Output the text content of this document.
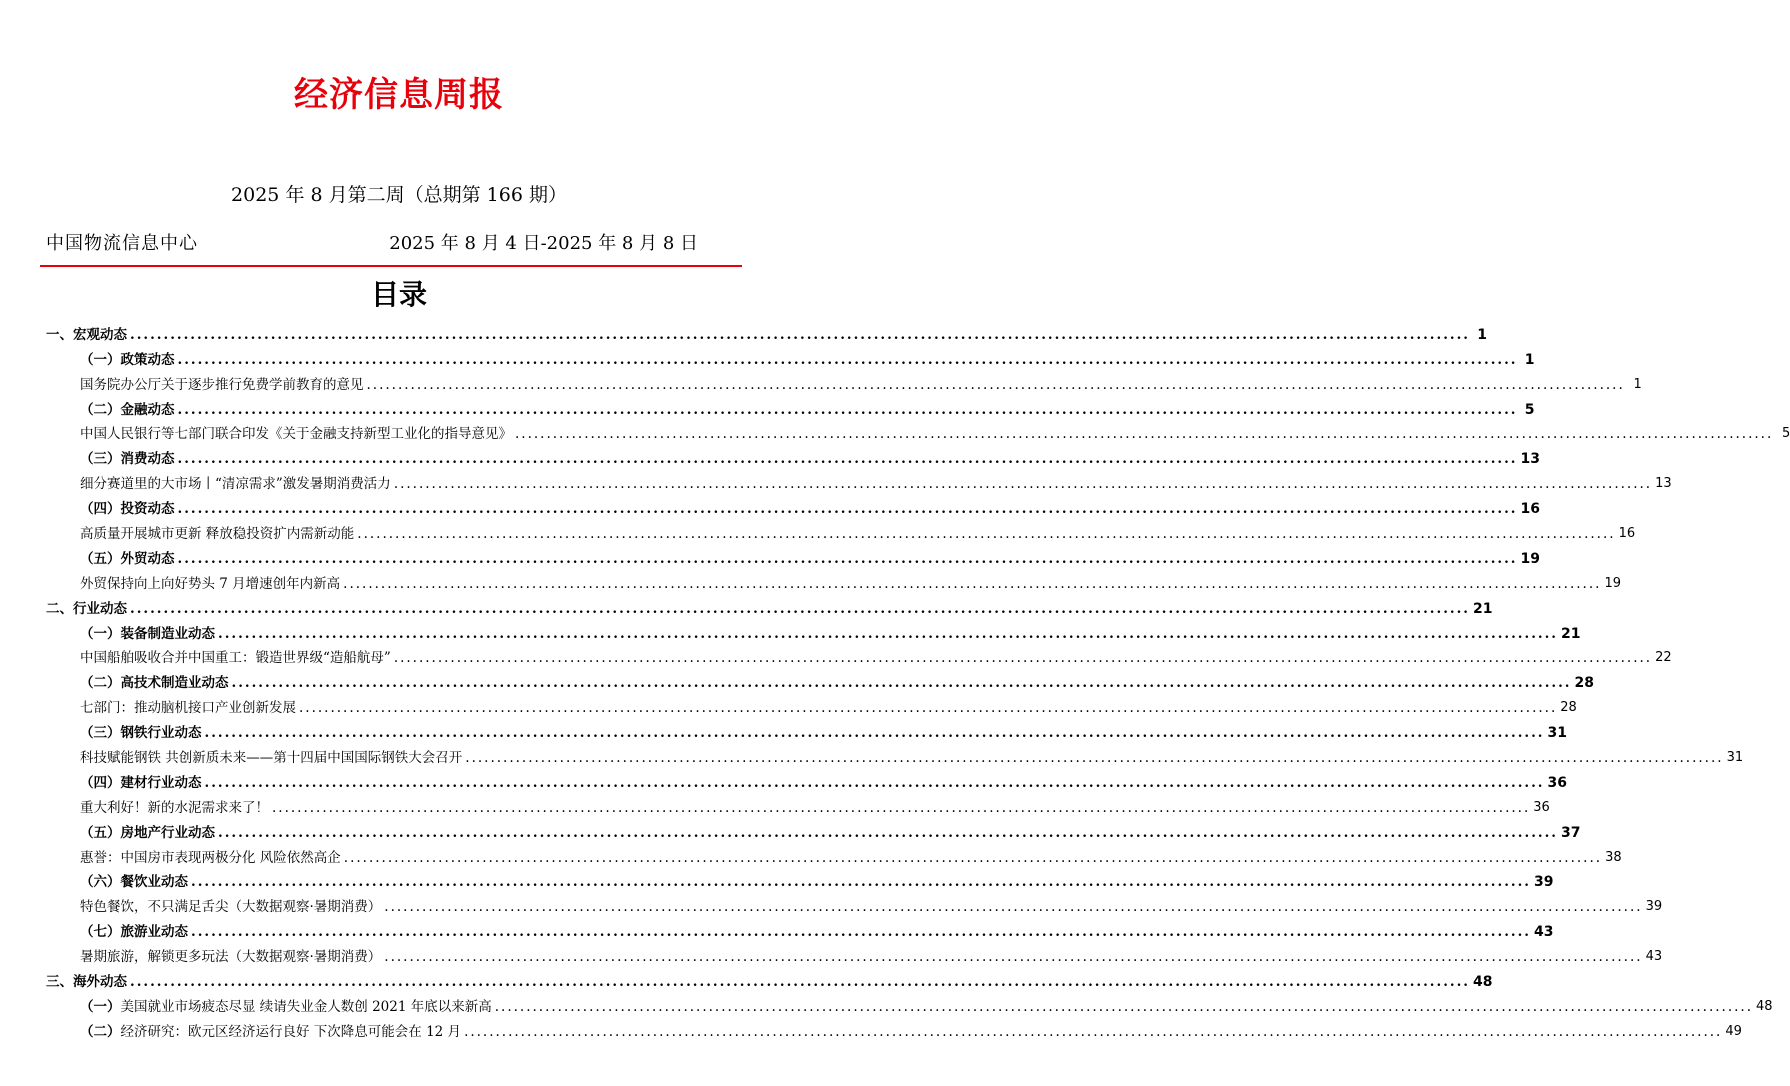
经济信息周报
2025 年 8 月第二周（总期第 166 期）
中国物流信息中心	2025 年 8 月 4 日-2025 年 8 月 8 日
目录
一、宏观动态 ........................................................................................................................................................................................................ 1
（一）政策动态 ........................................................................................................................................................................................................ 1
国务院办公厅关于逐步推行免费学前教育的意见 ........................................................................................................................................................................................................ 1
（二）金融动态 ........................................................................................................................................................................................................ 5
中国人民银行等七部门联合印发《关于金融支持新型工业化的指导意见》 ........................................................................................................................................................................................................ 5
（三）消费动态 ........................................................................................................................................................................................................ 13
细分赛道里的大市场丨“清凉需求”激发暑期消费活力 ........................................................................................................................................................................................................ 13
（四）投资动态 ........................................................................................................................................................................................................ 16
高质量开展城市更新 释放稳投资扩内需新动能 ........................................................................................................................................................................................................ 16
（五）外贸动态 ........................................................................................................................................................................................................ 19
外贸保持向上向好势头 7 月增速创年内新高 ........................................................................................................................................................................................................ 19
二、行业动态 ........................................................................................................................................................................................................ 21
（一）装备制造业动态 ........................................................................................................................................................................................................ 21
中国船舶吸收合并中国重工：锻造世界级“造船航母” ........................................................................................................................................................................................................ 22
（二）高技术制造业动态 ........................................................................................................................................................................................................ 28
七部门：推动脑机接口产业创新发展 ........................................................................................................................................................................................................ 28
（三）钢铁行业动态 ........................................................................................................................................................................................................ 31
科技赋能钢铁 共创新质未来——第十四届中国国际钢铁大会召开 ........................................................................................................................................................................................................ 31
（四）建材行业动态 ........................................................................................................................................................................................................ 36
重大利好！新的水泥需求来了！ ........................................................................................................................................................................................................ 36
（五）房地产行业动态 ........................................................................................................................................................................................................ 37
惠誉：中国房市表现两极分化 风险依然高企 ........................................................................................................................................................................................................ 38
（六）餐饮业动态 ........................................................................................................................................................................................................ 39
特色餐饮，不只满足舌尖（大数据观察·暑期消费） ........................................................................................................................................................................................................ 39
（七）旅游业动态 ........................................................................................................................................................................................................ 43
暑期旅游，解锁更多玩法（大数据观察·暑期消费） ........................................................................................................................................................................................................ 43
三、海外动态 ........................................................................................................................................................................................................ 48
（一）美国就业市场疲态尽显 续请失业金人数创 2021 年底以来新高 ........................................................................................................................................................................................................ 48
（二）经济研究：欧元区经济运行良好 下次降息可能会在 12 月 ........................................................................................................................................................................................................ 49
